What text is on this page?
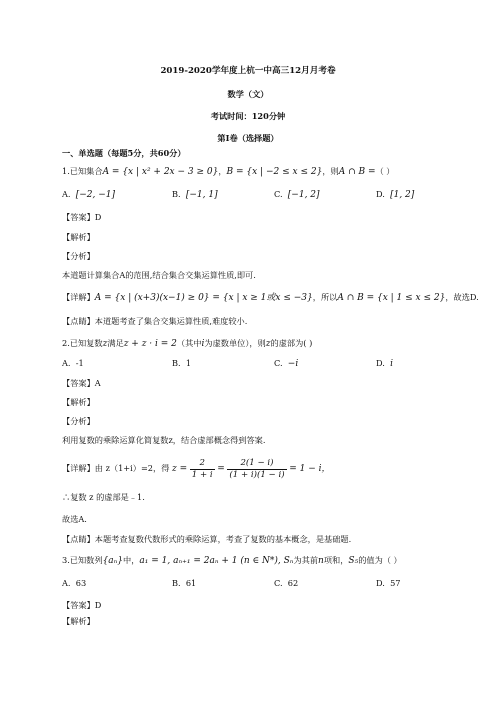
2019-2020学年度上杭一中高三12月月考卷
数学（文）
考试时间：120分钟
第I卷（选择题）
一、单选题（每题5分，共60分）
1.已知集合A = {x | x² + 2x − 3 ≥ 0}，B = {x | −2 ≤ x ≤ 2}，则A ∩ B =（ ）
A. [−2, −1]	B. [−1, 1]	C. [−1, 2]	D. [1, 2]
【答案】D
【解析】
【分析】
本道题计算集合A的范围,结合集合交集运算性质,即可.
【详解】A = {x | (x+3)(x−1) ≥ 0} = {x | x ≥ 1或x ≤ −3}，所以A ∩ B = {x | 1 ≤ x ≤ 2}，故选D.
【点睛】本道题考查了集合交集运算性质,难度较小.
2.已知复数z满足z + z · i = 2（其中i为虚数单位），则z的虚部为( )
A. -1	B. 1	C. −i	D. i
【答案】A
【解析】
【分析】
利用复数的乘除运算化简复数z，结合虚部概念得到答案.
【详解】由 z（1+i）=2，得 $z = \frac{2}{1 + i} = \frac{2(1 - i)}{(1 + i)(1 - i)} = 1 - i$，
∴复数 z 的虚部是﹣1.
故选A.
【点睛】本题考查复数代数形式的乘除运算，考查了复数的基本概念，是基础题.
3.已知数列{aₙ}中，a₁ = 1, aₙ₊₁ = 2aₙ + 1 (n ∈ N*), Sₙ为其前n项和，S₅的值为（ ）
A. 63	B. 61	C. 62	D. 57
【答案】D
【解析】
